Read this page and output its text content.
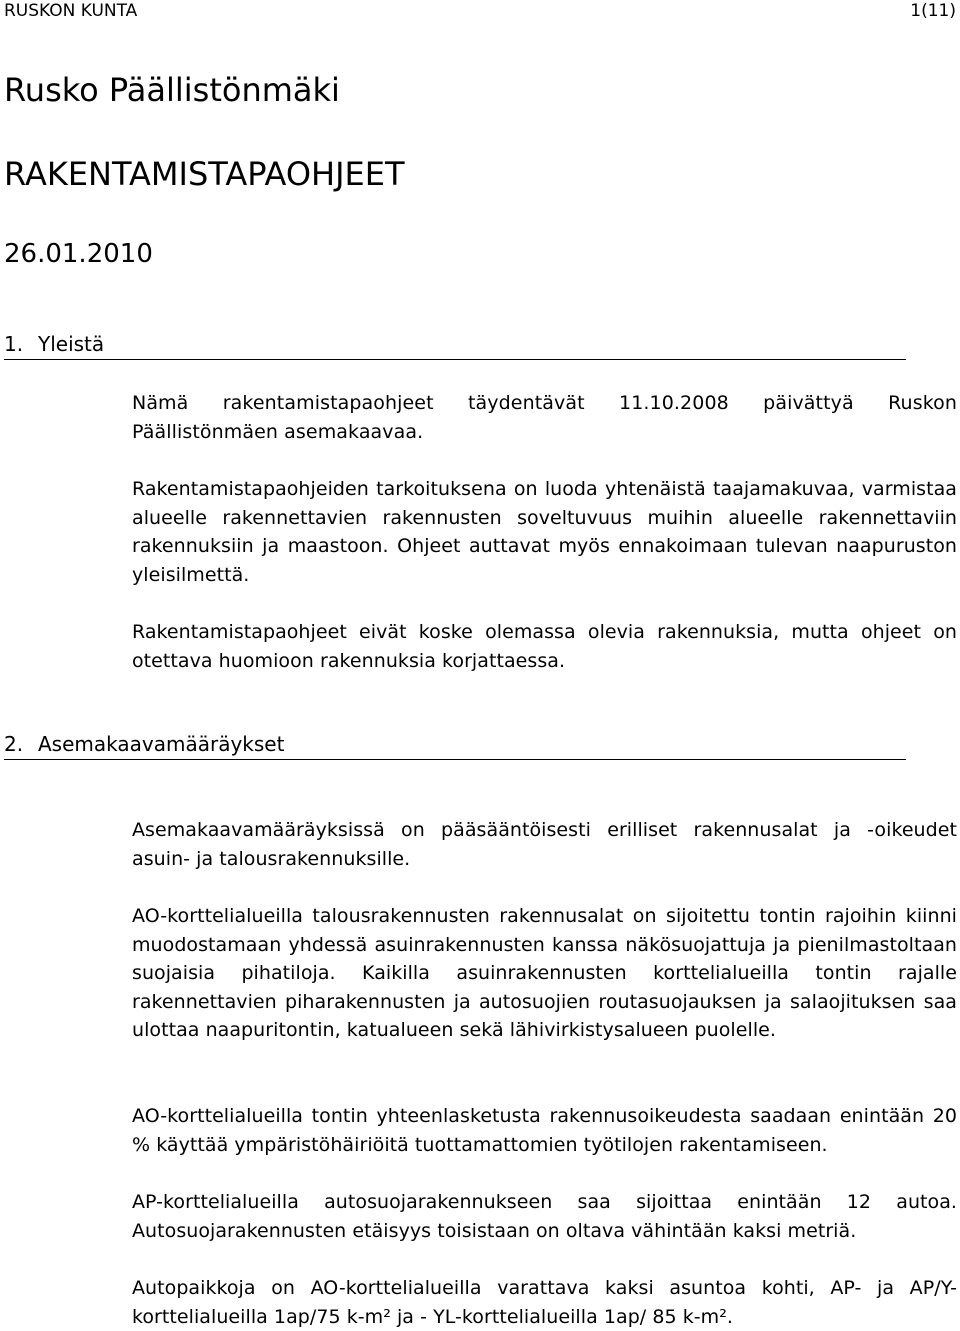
RUSKON KUNTA	1(11)
Rusko Päällistönmäki
RAKENTAMISTAPAOHJEET
26.01.2010
1. Yleistä

Nämä rakentamistapaohjeet täydentävät 11.10.2008 päivättyä Ruskon Päällistönmäen asemakaavaa.

Rakentamistapaohjeiden tarkoituksena on luoda yhtenäistä taajamakuvaa, varmistaa alueelle rakennettavien rakennusten soveltuvuus muihin alueelle rakennettaviin rakennuksiin ja maastoon. Ohjeet auttavat myös ennakoimaan tulevan naapuruston yleisilmettä.

Rakentamistapaohjeet eivät koske olemassa olevia rakennuksia, mutta ohjeet on otettava huomioon rakennuksia korjattaessa.

2. Asemakaavamääräykset

Asemakaavamääräyksissä on pääsääntöisesti erilliset rakennusalat ja -oikeudet asuin- ja talousrakennuksille.

AO-korttelialueilla talousrakennusten rakennusalat on sijoitettu tontin rajoihin kiinni muodostamaan yhdessä asuinrakennusten kanssa näkösuojattuja ja pienilmastoltaan suojaisia pihatiloja. Kaikilla asuinrakennusten korttelialueilla tontin rajalle rakennettavien piharakennusten ja autosuojien routasuojauksen ja salaojituksen saa ulottaa naapuritontin, katualueen sekä lähivirkistysalueen puolelle.

AO-korttelialueilla tontin yhteenlasketusta rakennusoikeudesta saadaan enintään 20 % käyttää ympäristöhäiriöitä tuottamattomien työtilojen rakentamiseen.

AP-korttelialueilla autosuojarakennukseen saa sijoittaa enintään 12 autoa. Autosuojarakennusten etäisyys toisistaan on oltava vähintään kaksi metriä.

Autopaikkoja on AO-korttelialueilla varattava kaksi asuntoa kohti, AP- ja AP/Y-korttelialueilla 1ap/75 k-m² ja - YL-korttelialueilla 1ap/ 85 k-m².
